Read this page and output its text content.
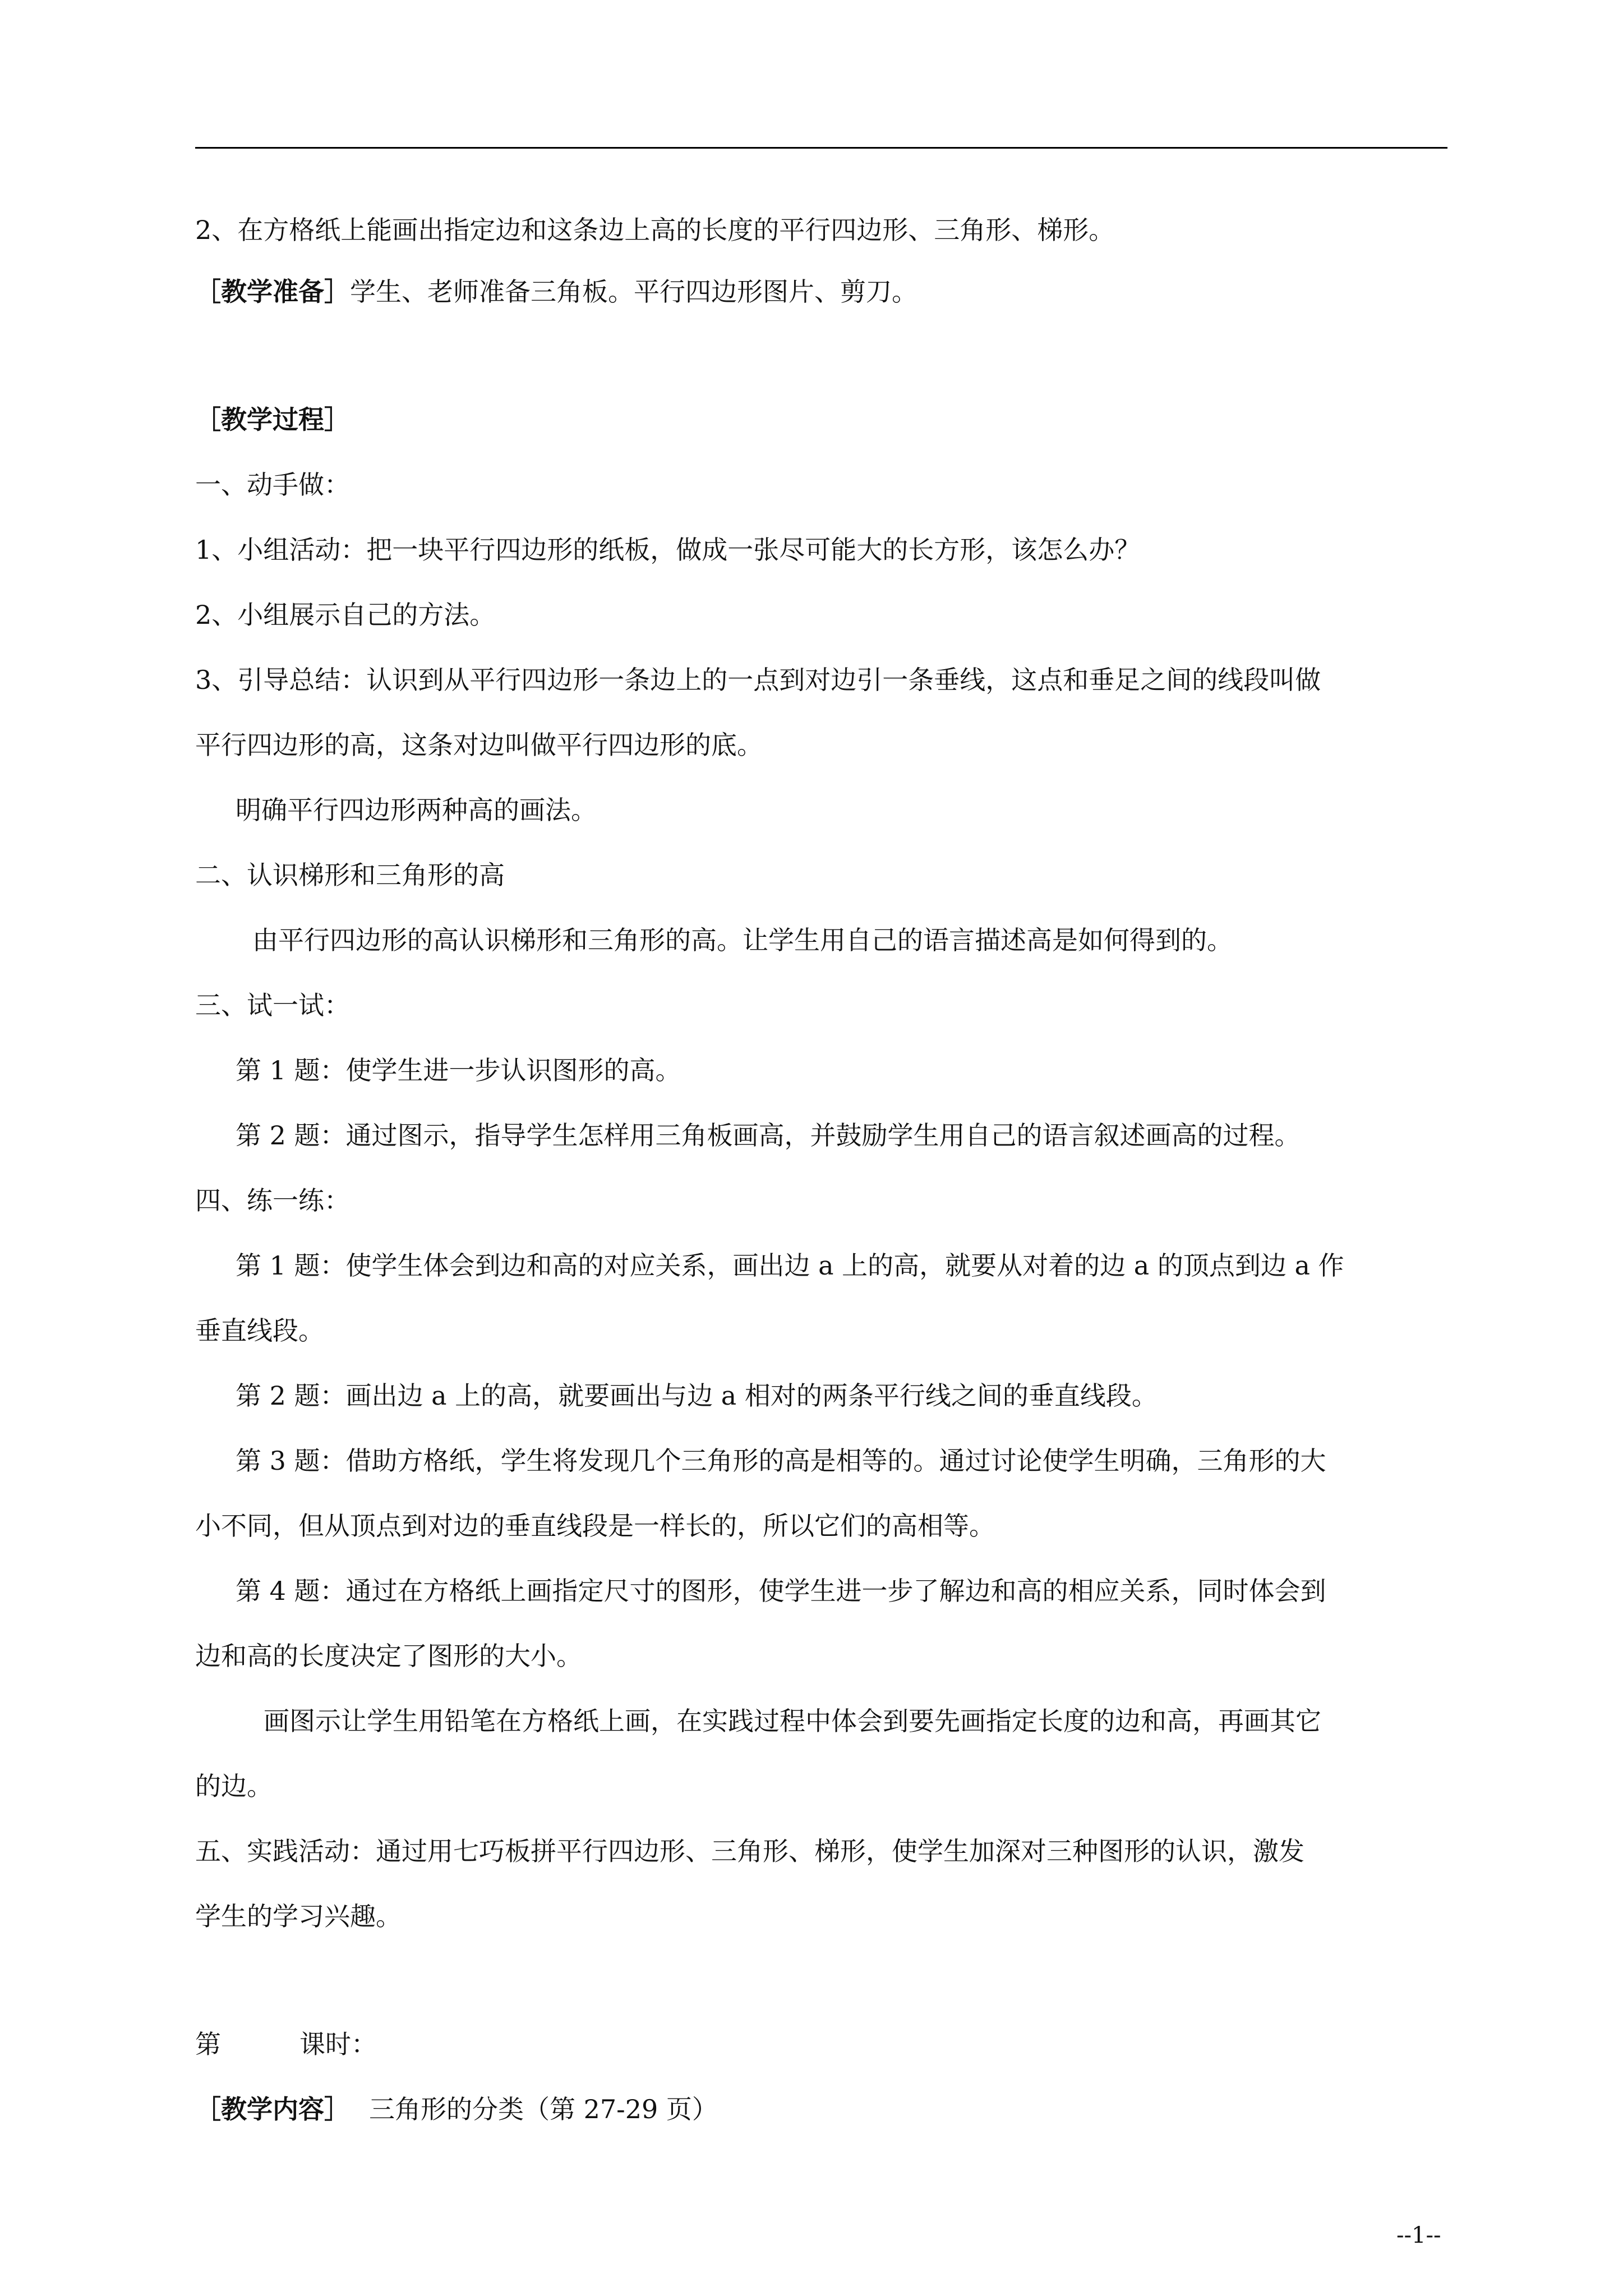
2、在方格纸上能画出指定边和这条边上高的长度的平行四边形、三角形、梯形。
［教学准备］学生、老师准备三角板。平行四边形图片、剪刀。
［教学过程］
一、动手做：
1、小组活动：把一块平行四边形的纸板，做成一张尽可能大的长方形，该怎么办？
2、小组展示自己的方法。
3、引导总结：认识到从平行四边形一条边上的一点到对边引一条垂线，这点和垂足之间的线段叫做
平行四边形的高，这条对边叫做平行四边形的底。
明确平行四边形两种高的画法。
二、认识梯形和三角形的高
由平行四边形的高认识梯形和三角形的高。让学生用自己的语言描述高是如何得到的。
三、试一试：
第 1 题：使学生进一步认识图形的高。
第 2 题：通过图示，指导学生怎样用三角板画高，并鼓励学生用自己的语言叙述画高的过程。
四、练一练：
第 1 题：使学生体会到边和高的对应关系，画出边 a 上的高，就要从对着的边 a 的顶点到边 a 作
垂直线段。
第 2 题：画出边 a 上的高，就要画出与边 a 相对的两条平行线之间的垂直线段。
第 3 题：借助方格纸，学生将发现几个三角形的高是相等的。通过讨论使学生明确，三角形的大
小不同，但从顶点到对边的垂直线段是一样长的，所以它们的高相等。
第 4 题：通过在方格纸上画指定尺寸的图形，使学生进一步了解边和高的相应关系，同时体会到
边和高的长度决定了图形的大小。
画图示让学生用铅笔在方格纸上画，在实践过程中体会到要先画指定长度的边和高，再画其它
的边。
五、实践活动：通过用七巧板拼平行四边形、三角形、梯形，使学生加深对三种图形的认识，激发
学生的学习兴趣。
第	课时：
［教学内容］ 三角形的分类（第 27-29 页）
--1--
